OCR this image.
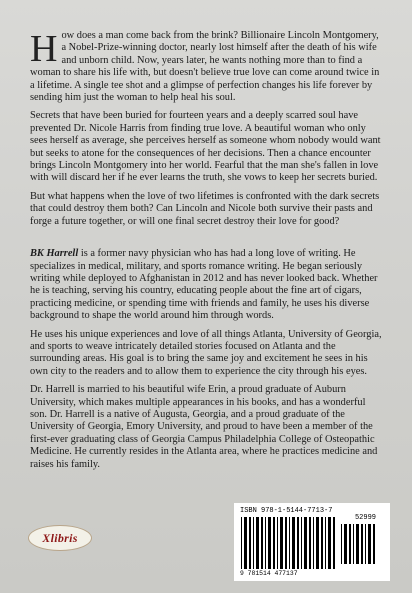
How does a man come back from the brink? Billionaire Lincoln Montgomery, a Nobel-Prize-winning doctor, nearly lost himself after the death of his wife and unborn child. Now, years later, he wants nothing more than to find a woman to share his life with, but doesn't believe true love can come around twice in a lifetime. A single tee shot and a glimpse of perfection changes his life forever by sending him just the woman to help heal his soul.

Secrets that have been buried for fourteen years and a deeply scarred soul have prevented Dr. Nicole Harris from finding true love. A beautiful woman who only sees herself as average, she perceives herself as someone whom nobody would want but seeks to atone for the consequences of her decisions. Then a chance encounter brings Lincoln Montgomery into her world. Fearful that the man she's fallen in love with will discard her if he ever learns the truth, she vows to keep her secrets buried.

But what happens when the love of two lifetimes is confronted with the dark secrets that could destroy them both? Can Lincoln and Nicole both survive their pasts and forge a future together, or will one final secret destroy their love for good?

BK Harrell is a former navy physician who has had a long love of writing. He specializes in medical, military, and sports romance writing. He began seriously writing while deployed to Afghanistan in 2012 and has never looked back. Whether he is teaching, serving his country, educating people about the fine art of cigars, practicing medicine, or spending time with friends and family, he uses his diverse background to shape the world around him through words.

He uses his unique experiences and love of all things Atlanta, University of Georgia, and sports to weave intricately detailed stories focused on Atlanta and the surrounding areas. His goal is to bring the same joy and excitement he sees in his own city to the readers and to allow them to experience the city through his eyes.

Dr. Harrell is married to his beautiful wife Erin, a proud graduate of Auburn University, which makes multiple appearances in his books, and has a wonderful son. Dr. Harrell is a native of Augusta, Georgia, and a proud graduate of the University of Georgia, Emory University, and proud to have been a member of the first-ever graduating class of Georgia Campus Philadelphia College of Osteopathic Medicine. He currently resides in the Atlanta area, where he practices medicine and raises his family.

Xlibris
ISBN 978-1-5144-7713-7
52999
9 781514 477137
